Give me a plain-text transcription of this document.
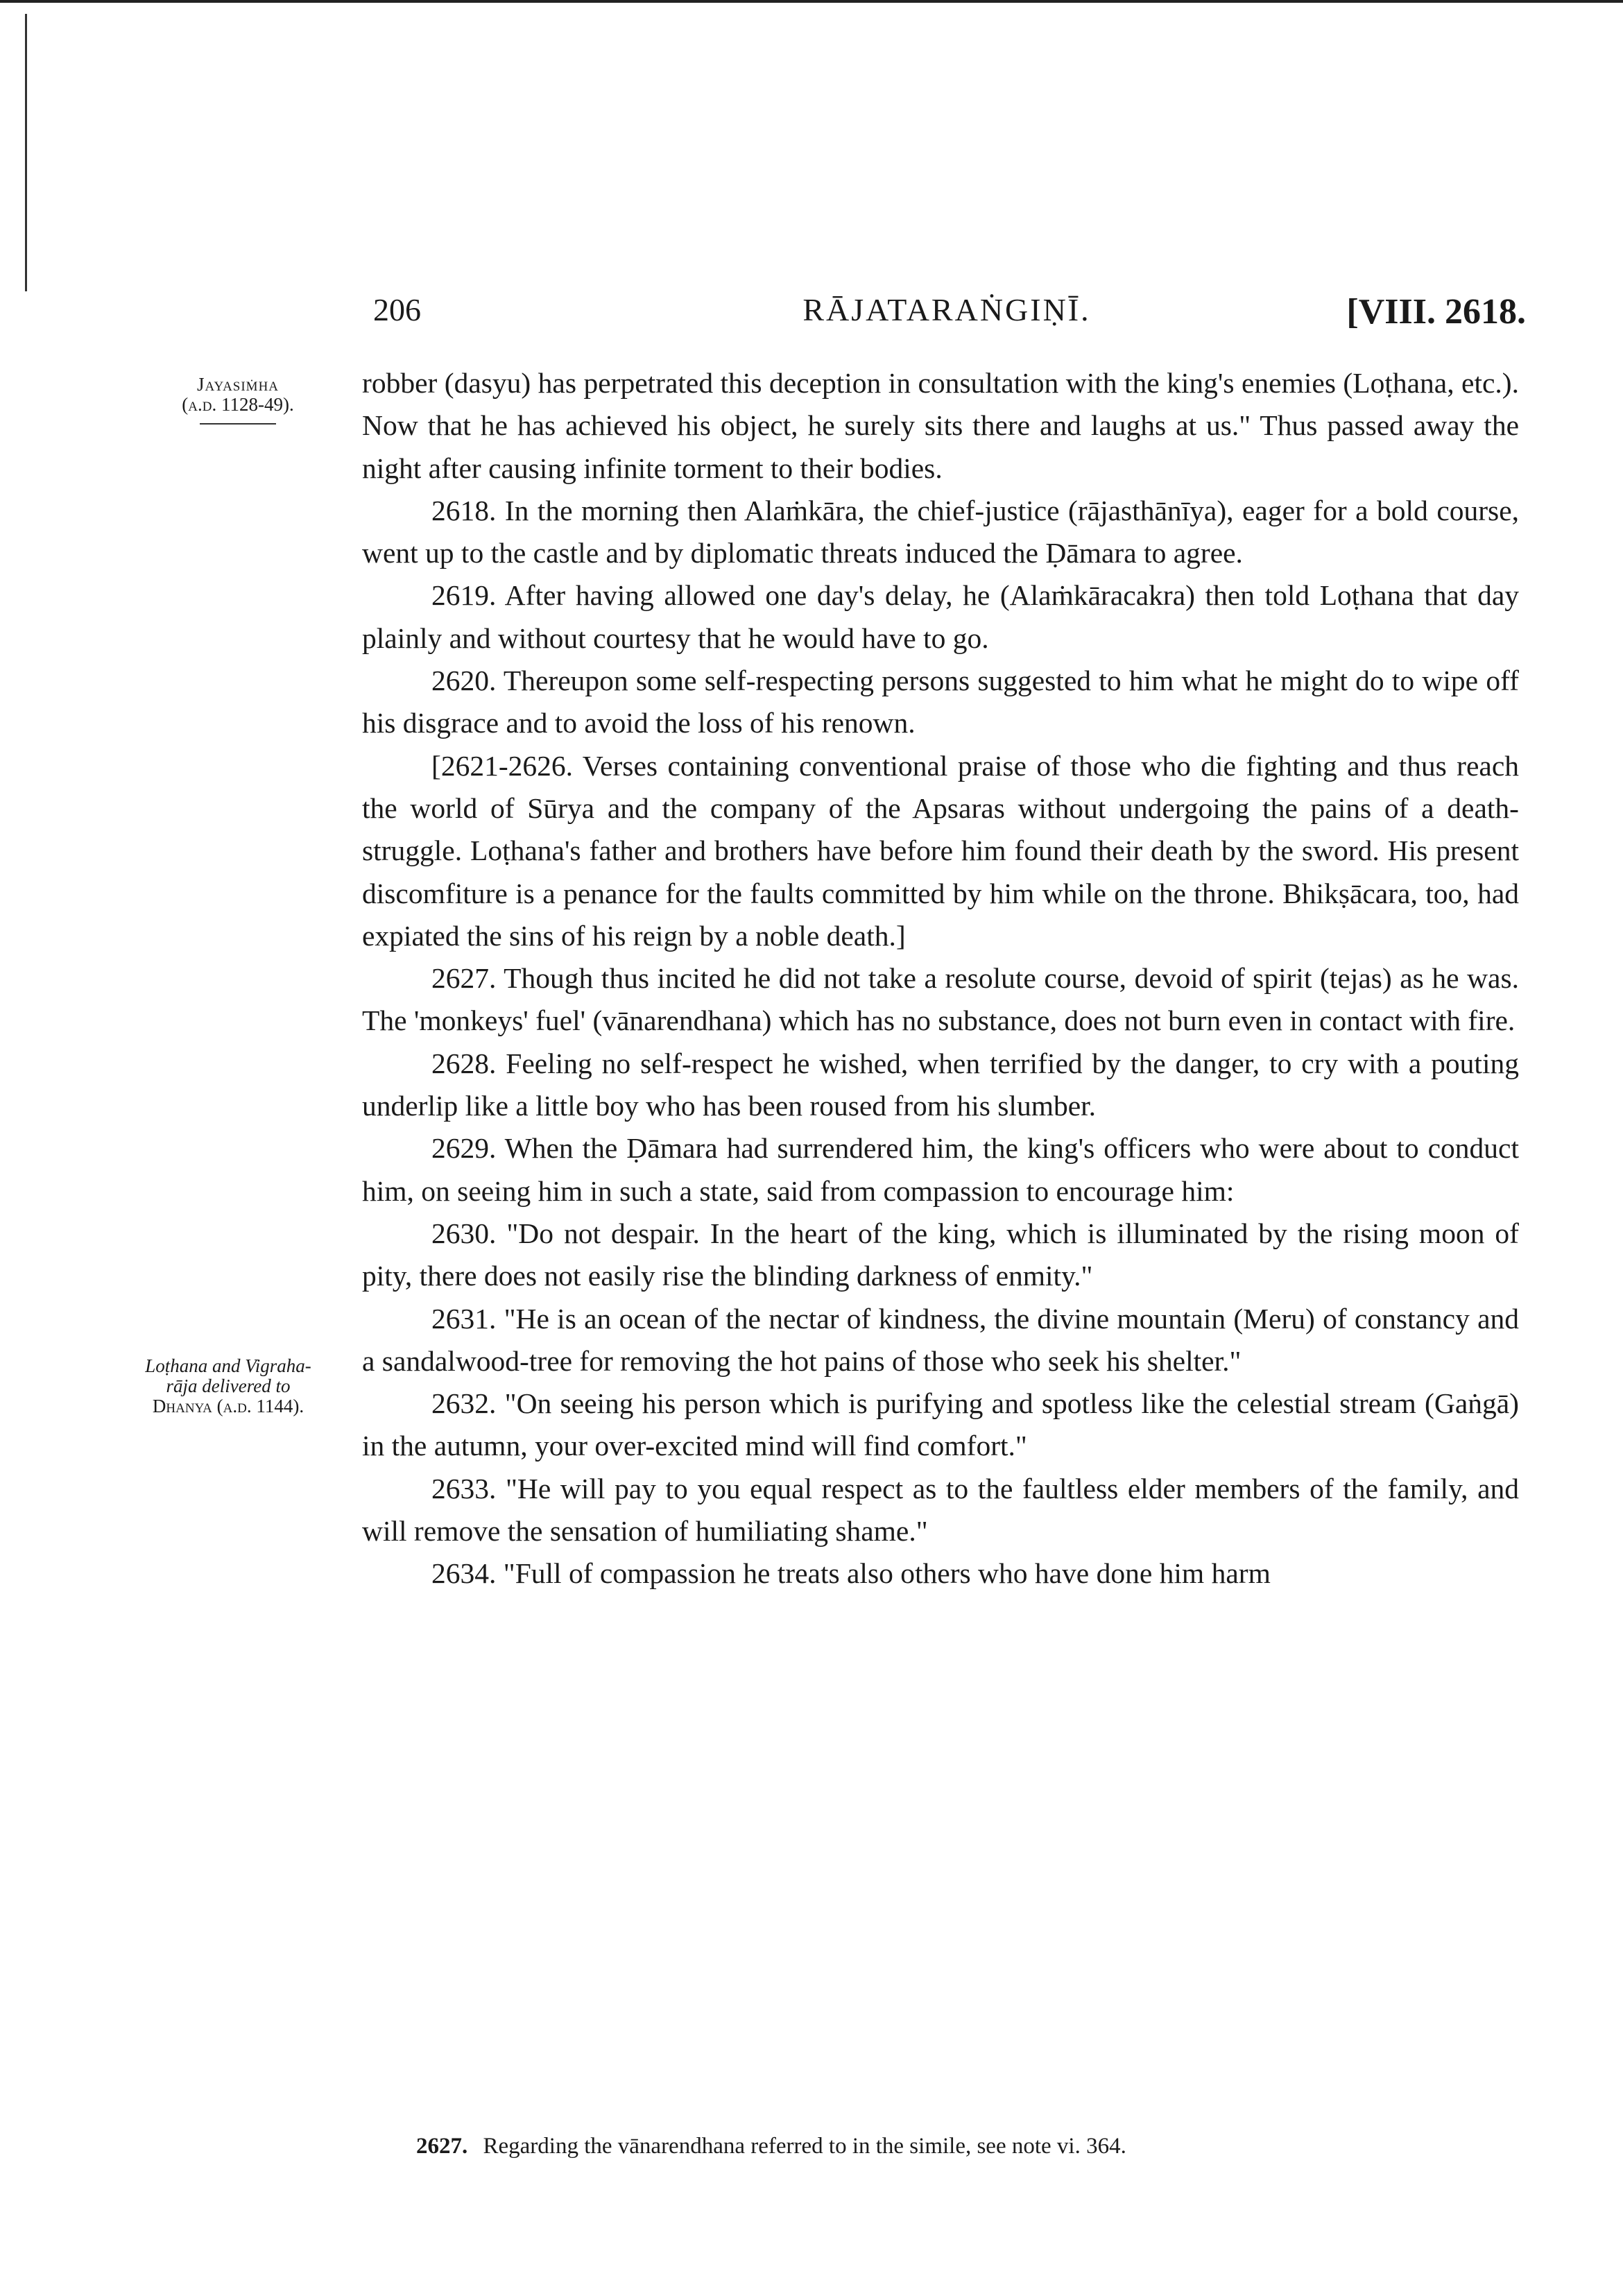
206	RĀJATARAṄGIṆĪ.	[VIII. 2618.
Jayasiṁha
(a.d. 1128-49).
Loṭhana and Vigraha-
rāja delivered to
Dhanya (a.d. 1144).

robber (dasyu) has perpetrated this deception in consultation with the king's enemies (Loṭhana, etc.). Now that he has achieved his object, he surely sits there and laughs at us." Thus passed away the night after causing infinite torment to their bodies.

2618. In the morning then Alaṁkāra, the chief-justice (rājasthānīya), eager for a bold course, went up to the castle and by diplomatic threats induced the Ḍāmara to agree.

2619. After having allowed one day's delay, he (Alaṁkāracakra) then told Loṭhana that day plainly and without courtesy that he would have to go.

2620. Thereupon some self-respecting persons suggested to him what he might do to wipe off his disgrace and to avoid the loss of his renown.

[2621-2626. Verses containing conventional praise of those who die fighting and thus reach the world of Sūrya and the company of the Apsaras without undergoing the pains of a death-struggle. Loṭhana's father and brothers have before him found their death by the sword. His present discomfiture is a penance for the faults committed by him while on the throne. Bhikṣācara, too, had expiated the sins of his reign by a noble death.]

2627. Though thus incited he did not take a resolute course, devoid of spirit (tejas) as he was. The 'monkeys' fuel' (vānarendhana) which has no substance, does not burn even in contact with fire.

2628. Feeling no self-respect he wished, when terrified by the danger, to cry with a pouting underlip like a little boy who has been roused from his slumber.

2629. When the Ḍāmara had surrendered him, the king's officers who were about to conduct him, on seeing him in such a state, said from compassion to encourage him:

2630. "Do not despair. In the heart of the king, which is illuminated by the rising moon of pity, there does not easily rise the blinding darkness of enmity."

2631. "He is an ocean of the nectar of kindness, the divine mountain (Meru) of constancy and a sandalwood-tree for removing the hot pains of those who seek his shelter."

2632. "On seeing his person which is purifying and spotless like the celestial stream (Gaṅgā) in the autumn, your over-excited mind will find comfort."

2633. "He will pay to you equal respect as to the faultless elder members of the family, and will remove the sensation of humiliating shame."

2634. "Full of compassion he treats also others who have done him harm

2627. Regarding the vānarendhana referred to in the simile, see note vi. 364.
